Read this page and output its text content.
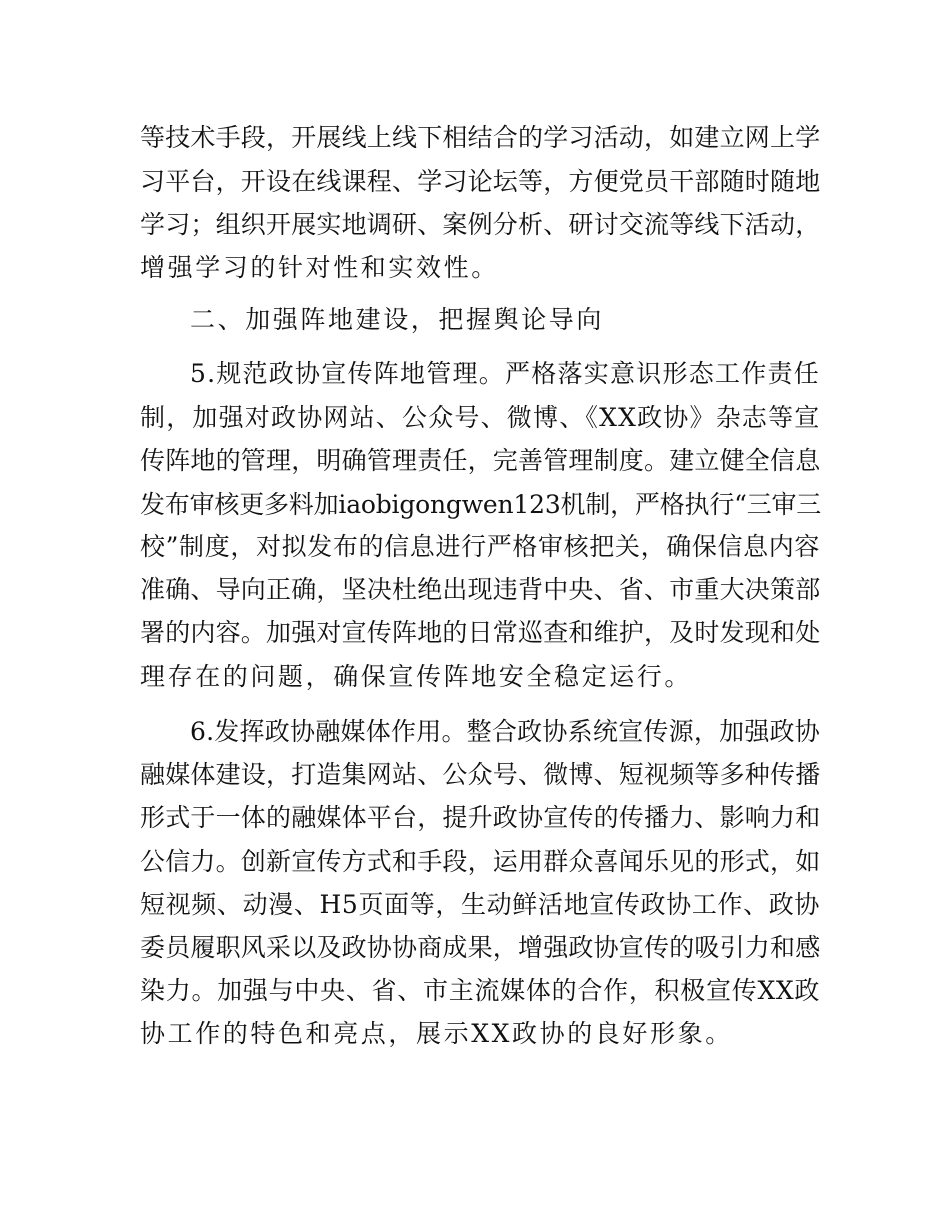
等技术手段，开展线上线下相结合的学习活动，如建立网上学
习平台，开设在线课程、学习论坛等，方便党员干部随时随地
学习；组织开展实地调研、案例分析、研讨交流等线下活动，
增强学习的针对性和实效性。
二、加强阵地建设，把握舆论导向
5.规范政协宣传阵地管理。严格落实意识形态工作责任
制，加强对政协网站、公众号、微博、《XX政协》杂志等宣
传阵地的管理，明确管理责任，完善管理制度。建立健全信息
发布审核更多料加iaobigongwen123机制，严格执行“三审三
校”制度，对拟发布的信息进行严格审核把关，确保信息内容
准确、导向正确，坚决杜绝出现违背中央、省、市重大决策部
署的内容。加强对宣传阵地的日常巡查和维护，及时发现和处
理存在的问题，确保宣传阵地安全稳定运行。
6.发挥政协融媒体作用。整合政协系统宣传源，加强政协
融媒体建设，打造集网站、公众号、微博、短视频等多种传播
形式于一体的融媒体平台，提升政协宣传的传播力、影响力和
公信力。创新宣传方式和手段，运用群众喜闻乐见的形式，如
短视频、动漫、H5页面等，生动鲜活地宣传政协工作、政协
委员履职风采以及政协协商成果，增强政协宣传的吸引力和感
染力。加强与中央、省、市主流媒体的合作，积极宣传XX政
协工作的特色和亮点，展示XX政协的良好形象。
